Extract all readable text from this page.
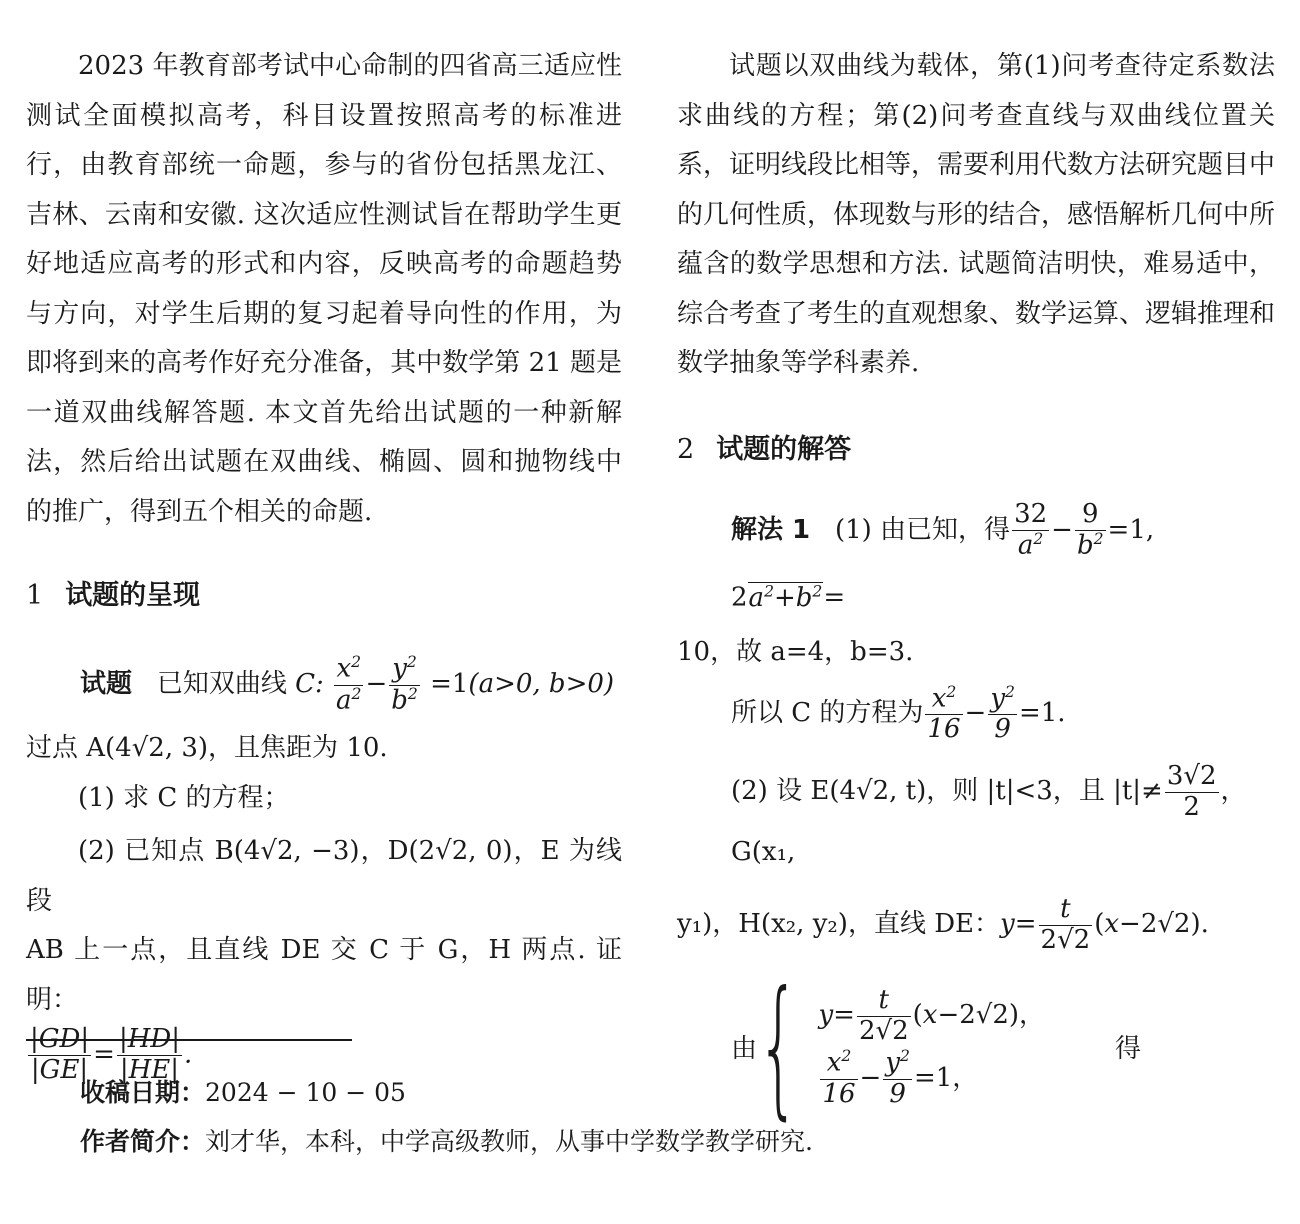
2023 年教育部考试中心命制的四省高三适应性测试全面模拟高考，科目设置按照高考的标准进行，由教育部统一命题，参与的省份包括黑龙江、吉林、云南和安徽. 这次适应性测试旨在帮助学生更好地适应高考的形式和内容，反映高考的命题趋势与方向，对学生后期的复习起着导向性的作用，为即将到来的高考作好充分准备，其中数学第 21 题是一道双曲线解答题. 本文首先给出试题的一种新解法，然后给出试题在双曲线、椭圆、圆和抛物线中的推广，得到五个相关的命题.

1 试题的呈现

试题 已知双曲线 C: $\frac{x^2}{a^2} - \frac{y^2}{b^2} =1(a>0$, b>0)

过点 A(4√2, 3)，且焦距为 10.

(1) 求 C 的方程；

(2) 已知点 B(4√2, −3)，D(2√2, 0)，E 为线段

AB 上一点，且直线 DE 交 C 于 G，H 两点. 证明：

$\frac{|GD|}{|GE|} = \frac{|HD|}{|HE|}$ .

试题以双曲线为载体，第(1)问考查待定系数法求曲线的方程；第(2)问考查直线与双曲线位置关系，证明线段比相等，需要利用代数方法研究题目中的几何性质，体现数与形的结合，感悟解析几何中所蕴含的数学思想和方法. 试题简洁明快，难易适中，综合考查了考生的直观想象、数学运算、逻辑推理和数学抽象等学科素养.

2 试题的解答

解法 1 (1) 由已知，得 $\frac{32}{a^2} - \frac{9}{b^2} =1$, $2a^2+b^2=$

10，故 a=4，b=3.

所以 C 的方程为 $\frac{x^2}{16} - \frac{y^2}{9} =1$.

(2) 设 E(4√2, t)，则 |t|<3，且 $|t|\ne \frac{3√2}{2}$ ，G(x₁,

y₁)，H(x₂, y₂)，直线 DE：$y= \frac{t}{2√2} (x-2√2)$.

由 { $y= \frac{t}{2√2} (x-2√2)$，
$\frac{x^2}{16} - \frac{y^2}{9} =1$，
得
收稿日期：2024 − 10 − 05
作者简介：刘才华，本科，中学高级教师，从事中学数学教学研究.
